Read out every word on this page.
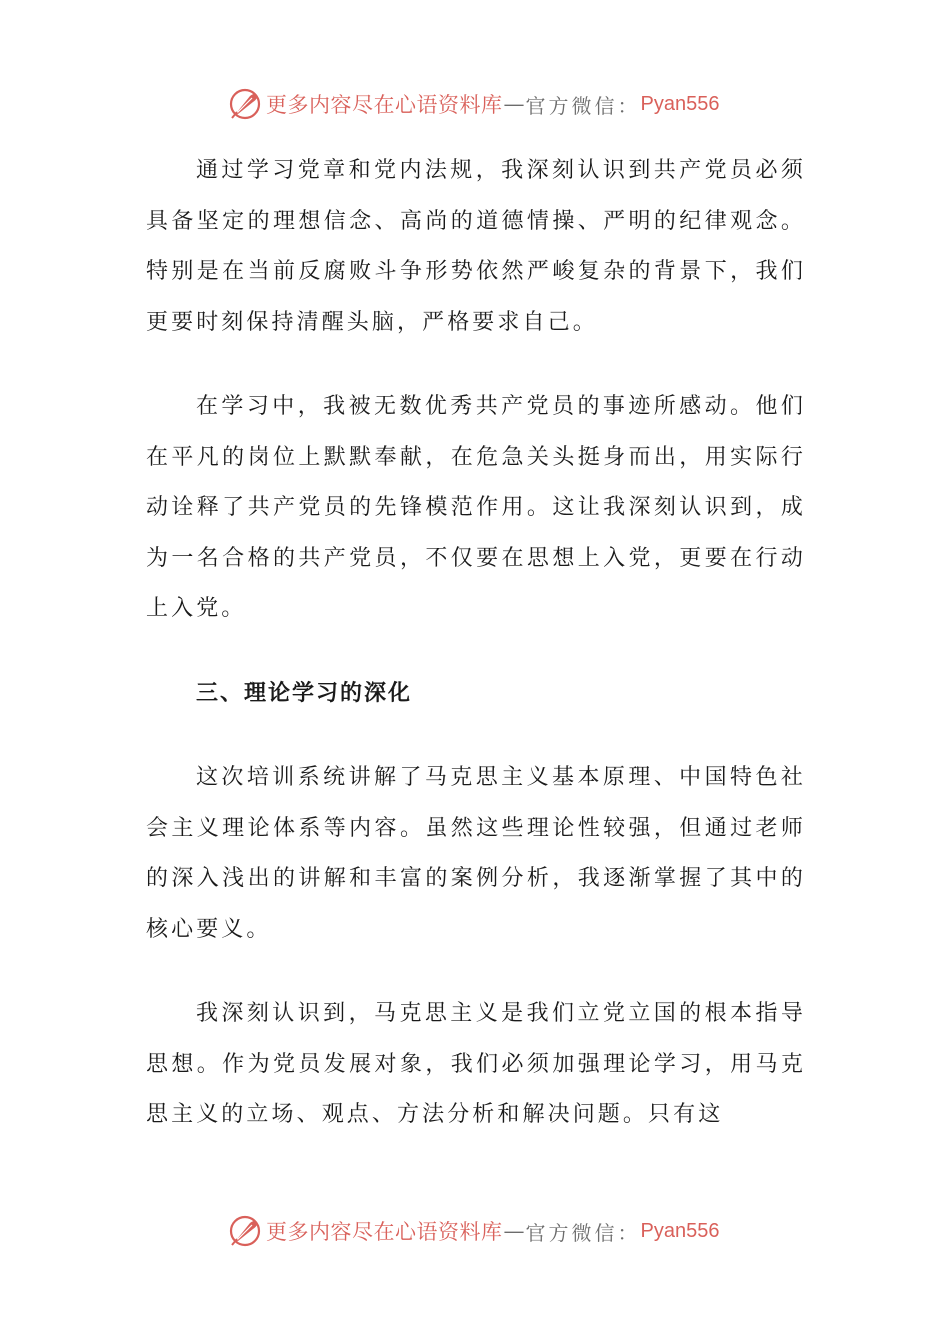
更多内容尽在心语资料库 — 官方微信： Pyan556

通过学习党章和党内法规，我深刻认识到共产党员必须具备坚定的理想信念、高尚的道德情操、严明的纪律观念。特别是在当前反腐败斗争形势依然严峻复杂的背景下，我们更要时刻保持清醒头脑，严格要求自己。

在学习中，我被无数优秀共产党员的事迹所感动。他们在平凡的岗位上默默奉献，在危急关头挺身而出，用实际行动诠释了共产党员的先锋模范作用。这让我深刻认识到，成为一名合格的共产党员，不仅要在思想上入党，更要在行动上入党。

三、理论学习的深化

这次培训系统讲解了马克思主义基本原理、中国特色社会主义理论体系等内容。虽然这些理论性较强，但通过老师的深入浅出的讲解和丰富的案例分析，我逐渐掌握了其中的核心要义。

我深刻认识到，马克思主义是我们立党立国的根本指导思想。作为党员发展对象，我们必须加强理论学习，用马克思主义的立场、观点、方法分析和解决问题。只有这

更多内容尽在心语资料库 — 官方微信： Pyan556
